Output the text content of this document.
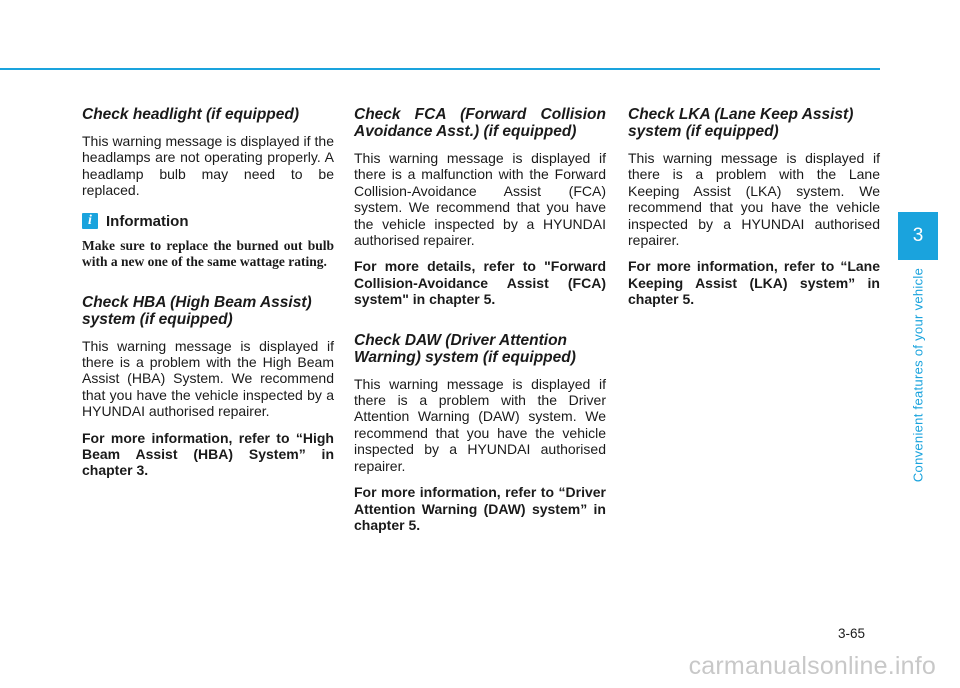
Check headlight (if equipped)

This warning message is displayed if the headlamps are not operating properly. A headlamp bulb may need to be replaced.

i Information

Make sure to replace the burned out bulb with a new one of the same wattage rating.

Check HBA (High Beam Assist) system (if equipped)

This warning message is displayed if there is a problem with the High Beam Assist (HBA) System. We recommend that you have the vehicle inspected by a HYUNDAI authorised repairer.

For more information, refer to “High Beam Assist (HBA) System” in chapter 3.

Check FCA (Forward Collision Avoidance Asst.) (if equipped)

This warning message is displayed if there is a malfunction with the Forward Collision-Avoidance Assist (FCA) system. We recommend that you have the vehicle inspected by a HYUNDAI authorised repairer.

For more details, refer to "Forward Collision-Avoidance Assist (FCA) system" in chapter 5.

Check DAW (Driver Attention Warning) system (if equipped)

This warning message is displayed if there is a problem with the Driver Attention Warning (DAW) system. We recommend that you have the vehicle inspected by a HYUNDAI authorised repairer.

For more information, refer to “Driver Attention Warning (DAW) system” in chapter 5.

Check LKA (Lane Keep Assist) system (if equipped)

This warning message is displayed if there is a problem with the Lane Keeping Assist (LKA) system. We recommend that you have the vehicle inspected by a HYUNDAI authorised repairer.

For more information, refer to “Lane Keeping Assist (LKA) system” in chapter 5.

3
Convenient features of your vehicle
3-65
carmanualsonline.info
